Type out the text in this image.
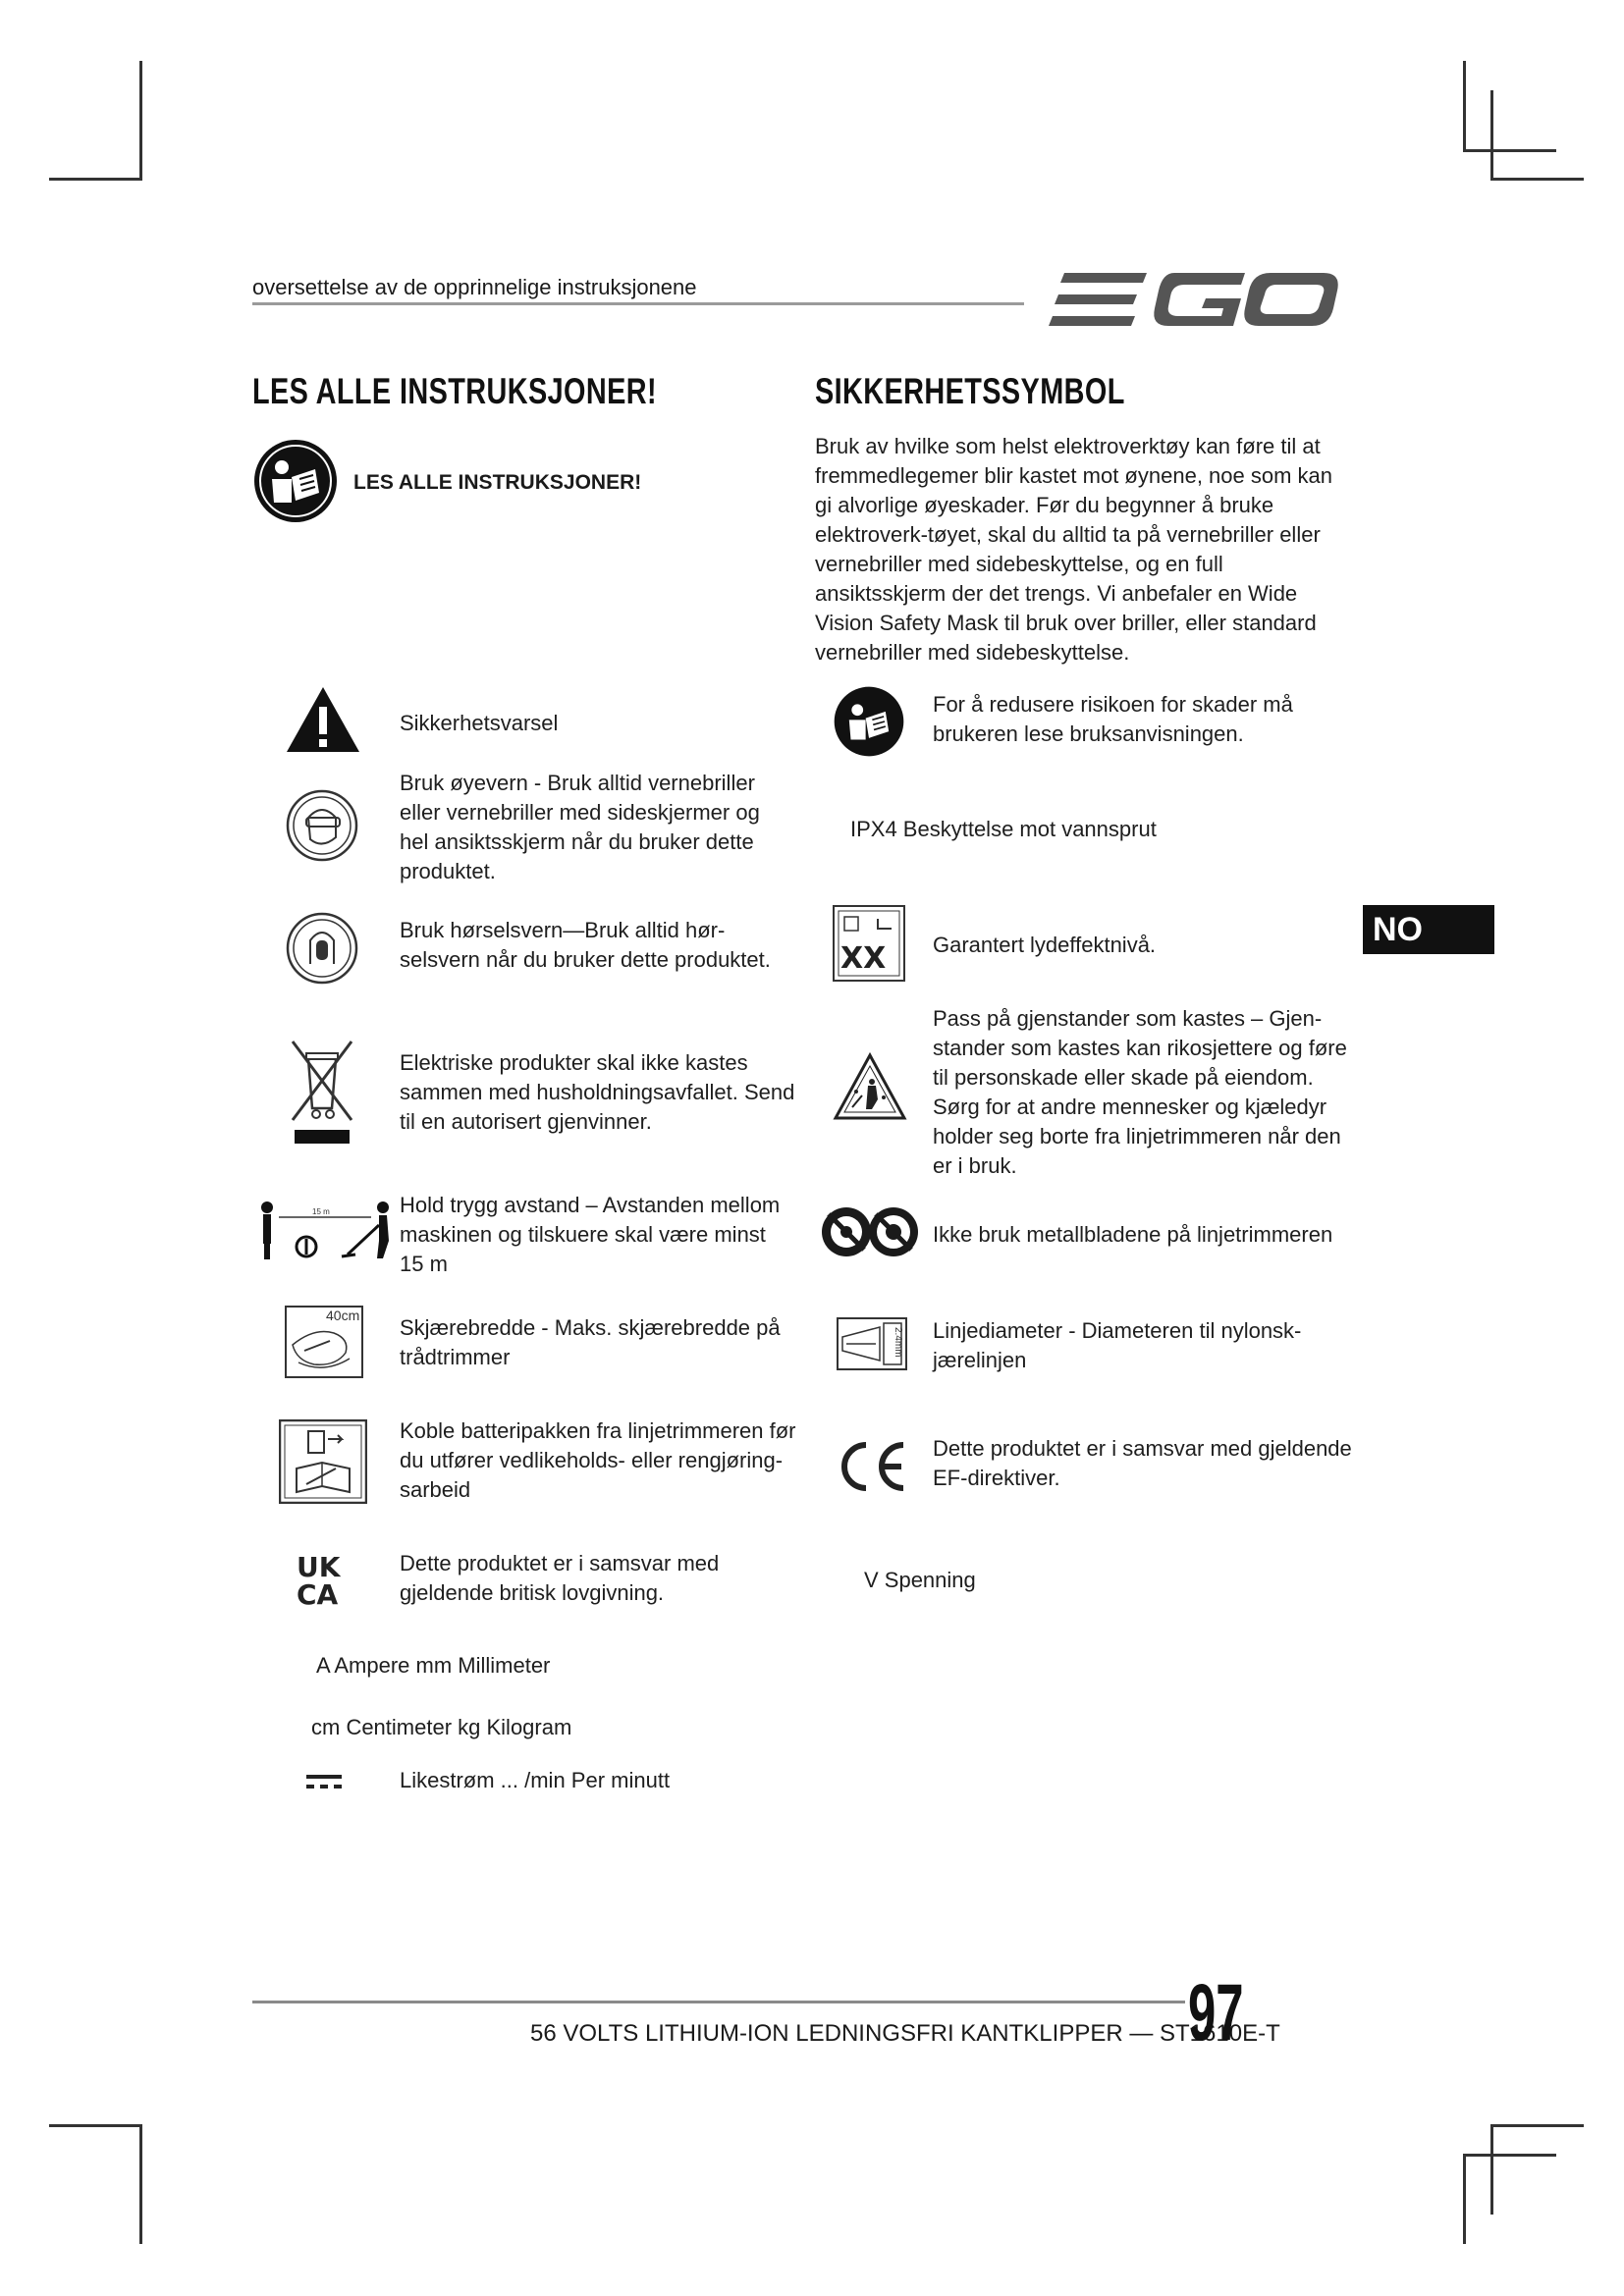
oversettelse av de opprinnelige instruksjonene
LES ALLE INSTRUKSJONER!	SIKKERHETSSYMBOL
LES ALLE INSTRUKSJONER!
Bruk av hvilke som helst elektroverktøy kan føre til at fremmedlegemer blir kastet mot øynene, noe som kan gi alvorlige øyeskader. Før du begynner å bruke elektroverk-tøyet, skal du alltid ta på vernebriller eller vernebriller med sidebeskyttelse, og en full ansiktsskjerm der det trengs. Vi anbefaler en Wide Vision Safety Mask til bruk over briller, eller standard vernebriller med sidebeskyttelse.
Sikkerhetsvarsel
Bruk øyevern - Bruk alltid vernebriller
eller vernebriller med sideskjermer og
hel ansiktsskjerm når du bruker dette
produktet.
Bruk hørselsvern—Bruk alltid hør-
selsvern når du bruker dette produktet.
Elektriske produkter skal ikke kastes
sammen med husholdningsavfallet. Send
til en autorisert gjenvinner.
15 m	Hold trygg avstand – Avstanden mellom
maskinen og tilskuere skal være minst
15 m
40cm Skjærebredde - Maks. skjærebredde på
trådtrimmer
Koble batteripakken fra linjetrimmeren før
du utfører vedlikeholds- eller rengjøring-
sarbeid
UK
CA
Dette produktet er i samsvar med
gjeldende britisk lovgivning.
A Ampere mm Millimeter
cm Centimeter kg Kilogram
Likestrøm ... /min Per minutt
For å redusere risikoen for skader må
brukeren lese bruksanvisningen.
IPX4 Beskyttelse mot vannsprut
XX Garantert lydeffektnivå.
Pass på gjenstander som kastes – Gjen-
stander som kastes kan rikosjettere og føre
til personskade eller skade på eiendom.
Sørg for at andre mennesker og kjæledyr
holder seg borte fra linjetrimmeren når den
er i bruk.
Ikke bruk metallbladene på linjetrimmeren
2.4mm Linjediameter - Diameteren til nylonsk-
jærelinjen
Dette produktet er i samsvar med gjeldende
EF-direktiver.
V Spenning
NO
56 VOLTS LITHIUM-ION LEDNINGSFRI KANTKLIPPER — ST1610E-T
97
